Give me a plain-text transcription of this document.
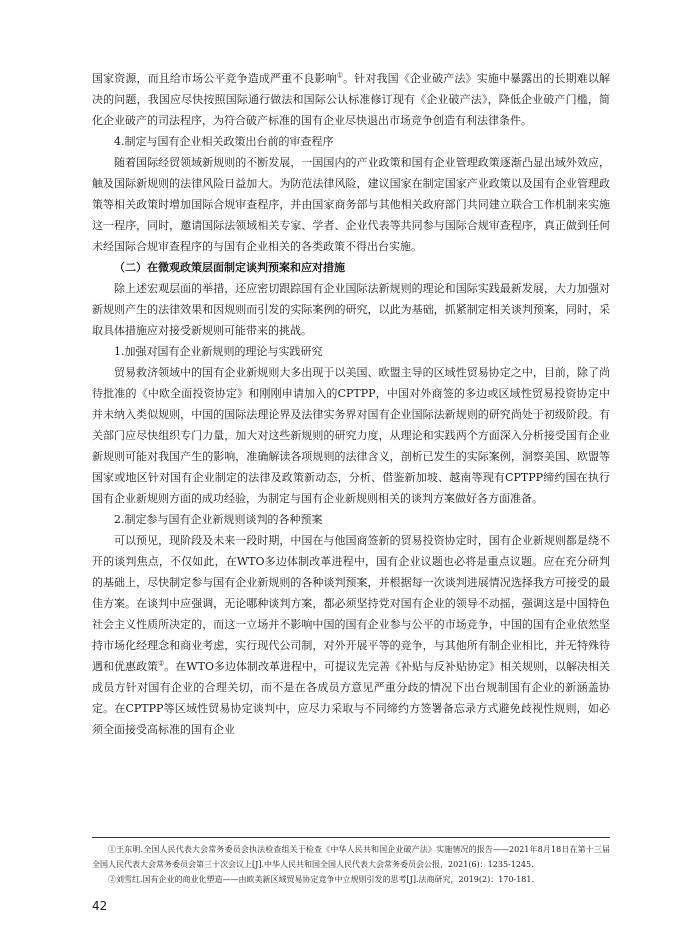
国家资源，而且给市场公平竞争造成严重不良影响①。针对我国《企业破产法》实施中暴露出的长期难以解决的问题，我国应尽快按照国际通行做法和国际公认标准修订现有《企业破产法》，降低企业破产门槛，简化企业破产的司法程序，为符合破产标准的国有企业尽快退出市场竞争创造有利法律条件。

4.制定与国有企业相关政策出台前的审查程序

随着国际经贸领域新规则的不断发展，一国国内的产业政策和国有企业管理政策逐渐凸显出域外效应，触及国际新规则的法律风险日益加大。为防范法律风险，建议国家在制定国家产业政策以及国有企业管理政策等相关政策时增加国际合规审查程序，并由国家商务部与其他相关政府部门共同建立联合工作机制来实施这一程序，同时，邀请国际法领域相关专家、学者、企业代表等共同参与国际合规审查程序，真正做到任何未经国际合规审查程序的与国有企业相关的各类政策不得出台实施。

（二）在微观政策层面制定谈判预案和应对措施

除上述宏观层面的举措，还应密切跟踪国有企业国际法新规则的理论和国际实践最新发展，大力加强对新规则产生的法律效果和因规则而引发的实际案例的研究，以此为基础，抓紧制定相关谈判预案，同时，采取具体措施应对接受新规则可能带来的挑战。

1.加强对国有企业新规则的理论与实践研究

贸易救济领域中的国有企业新规则大多出现于以美国、欧盟主导的区域性贸易协定之中，目前，除了尚待批准的《中欧全面投资协定》和刚刚申请加入的CPTPP，中国对外商签的多边或区域性贸易投资协定中并未纳入类似规则，中国的国际法理论界及法律实务界对国有企业国际法新规则的研究尚处于初级阶段。有关部门应尽快组织专门力量，加大对这些新规则的研究力度，从理论和实践两个方面深入分析接受国有企业新规则可能对我国产生的影响，准确解读各项规则的法律含义，剖析已发生的实际案例，洞察美国、欧盟等国家或地区针对国有企业制定的法律及政策新动态，分析、借鉴新加坡、越南等现有CPTPP缔约国在执行国有企业新规则方面的成功经验，为制定与国有企业新规则相关的谈判方案做好各方面准备。

2.制定参与国有企业新规则谈判的各种预案

可以预见，现阶段及未来一段时期，中国在与他国商签新的贸易投资协定时，国有企业新规则都是绕不开的谈判焦点，不仅如此，在WTO多边体制改革进程中，国有企业议题也必将是重点议题。应在充分研判的基础上，尽快制定参与国有企业新规则的各种谈判预案，并根据每一次谈判进展情况选择我方可接受的最佳方案。在谈判中应强调，无论哪种谈判方案，都必须坚持党对国有企业的领导不动摇，强调这是中国特色社会主义性质所决定的，而这一立场并不影响中国的国有企业参与公平的市场竞争，中国的国有企业依然坚持市场化经理念和商业考虑，实行现代公司制，对外开展平等的竞争，与其他所有制企业相比，并无特殊待遇和优惠政策②。在WTO多边体制改革进程中，可提议先完善《补贴与反补贴协定》相关规则，以解决相关成员方针对国有企业的合理关切，而不是在各成员方意见严重分歧的情况下出台规制国有企业的新涵盖协定。在CPTPP等区域性贸易协定谈判中，应尽力采取与不同缔约方签署备忘录方式避免歧视性规则，如必须全面接受高标准的国有企业

①王东明.全国人民代表大会常务委员会执法检查组关于检查《中华人民共和国企业破产法》实施情况的报告——2021年8月18日在第十三届全国人民代表大会常务委员会第三十次会议上[J].中华人民共和国全国人民代表大会常务委员会公报，2021(6)：1235-1245.

②刘雪红.国有企业的商业化塑造——由欧美新区域贸易协定竞争中立规则引发的思考[J].法商研究，2019(2)：170-181.

42
